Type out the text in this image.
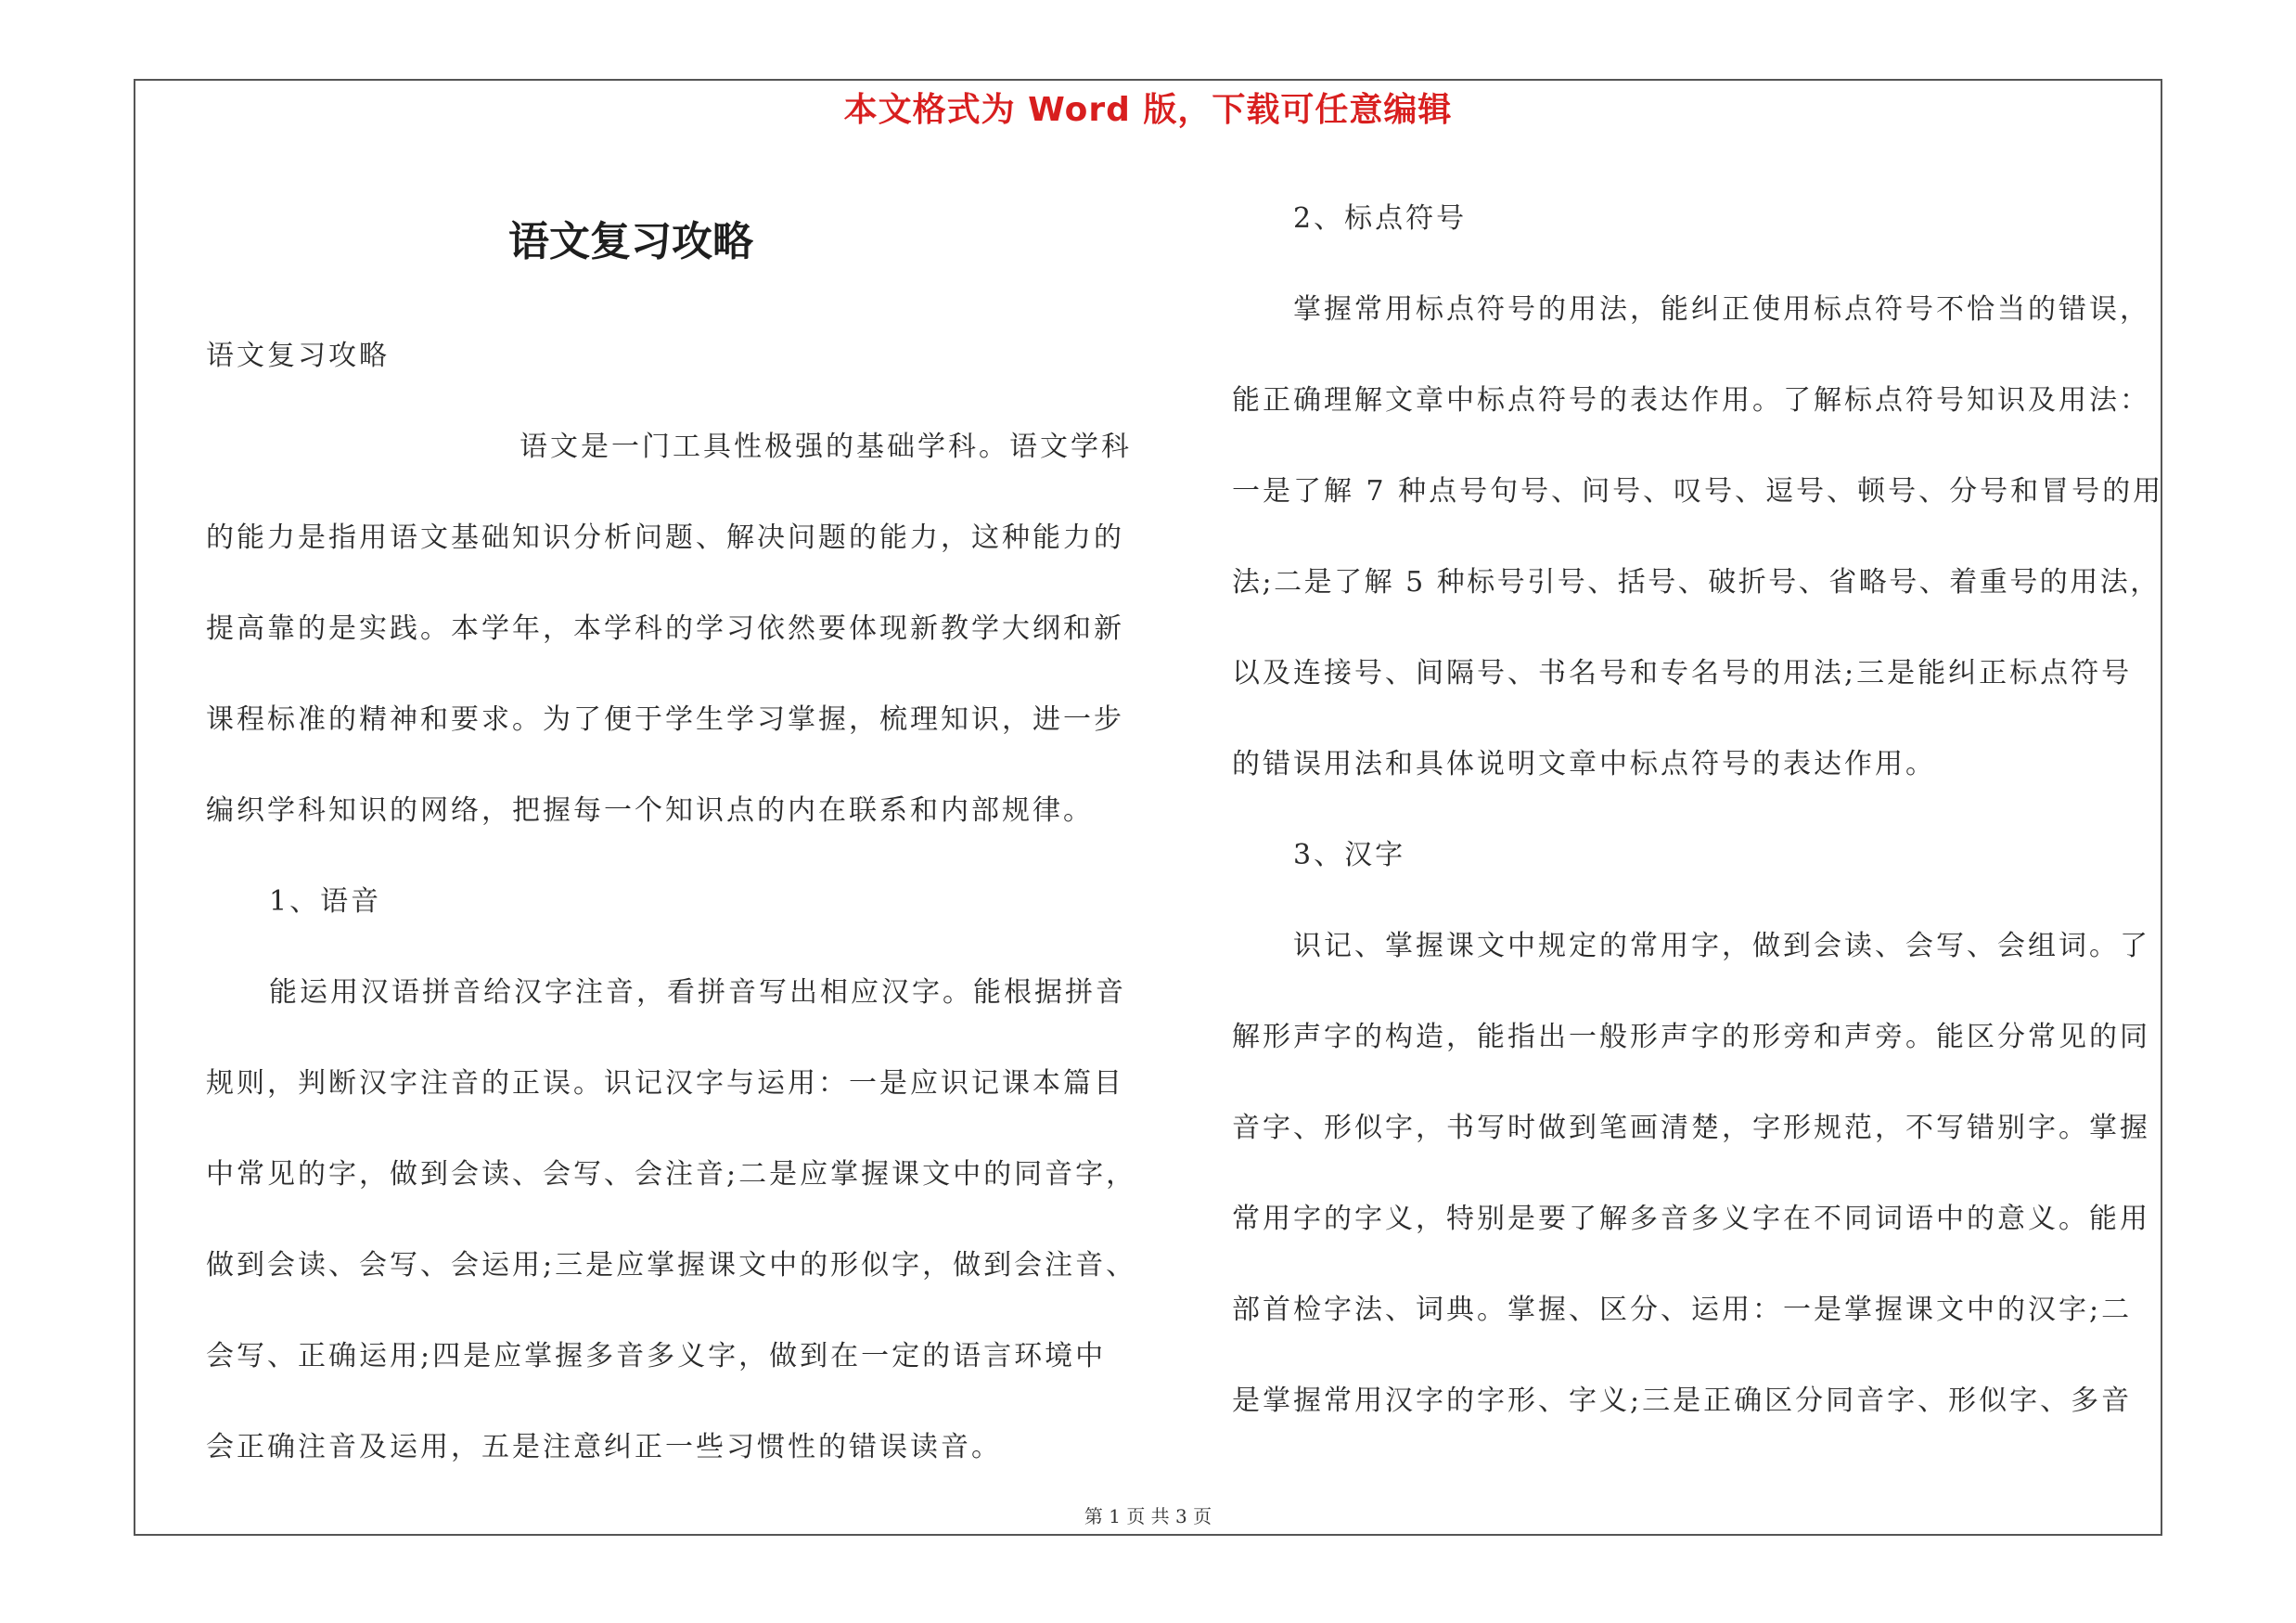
本文格式为 Word 版，下载可任意编辑
语文复习攻略
语文复习攻略
语文是一门工具性极强的基础学科。语文学科
的能力是指用语文基础知识分析问题、解决问题的能力，这种能力的
提高靠的是实践。本学年，本学科的学习依然要体现新教学大纲和新
课程标准的精神和要求。为了便于学生学习掌握，梳理知识，进一步
编织学科知识的网络，把握每一个知识点的内在联系和内部规律。
1、语音
能运用汉语拼音给汉字注音，看拼音写出相应汉字。能根据拼音
规则，判断汉字注音的正误。识记汉字与运用：一是应识记课本篇目
中常见的字，做到会读、会写、会注音;二是应掌握课文中的同音字，
做到会读、会写、会运用;三是应掌握课文中的形似字，做到会注音、
会写、正确运用;四是应掌握多音多义字，做到在一定的语言环境中
会正确注音及运用，五是注意纠正一些习惯性的错误读音。
2、标点符号
掌握常用标点符号的用法，能纠正使用标点符号不恰当的错误，
能正确理解文章中标点符号的表达作用。了解标点符号知识及用法：
一是了解 7 种点号句号、问号、叹号、逗号、顿号、分号和冒号的用
法;二是了解 5 种标号引号、括号、破折号、省略号、着重号的用法，
以及连接号、间隔号、书名号和专名号的用法;三是能纠正标点符号
的错误用法和具体说明文章中标点符号的表达作用。
3、汉字
识记、掌握课文中规定的常用字，做到会读、会写、会组词。了
解形声字的构造，能指出一般形声字的形旁和声旁。能区分常见的同
音字、形似字，书写时做到笔画清楚，字形规范，不写错别字。掌握
常用字的字义，特别是要了解多音多义字在不同词语中的意义。能用
部首检字法、词典。掌握、区分、运用：一是掌握课文中的汉字;二
是掌握常用汉字的字形、字义;三是正确区分同音字、形似字、多音
第 1 页 共 3 页
